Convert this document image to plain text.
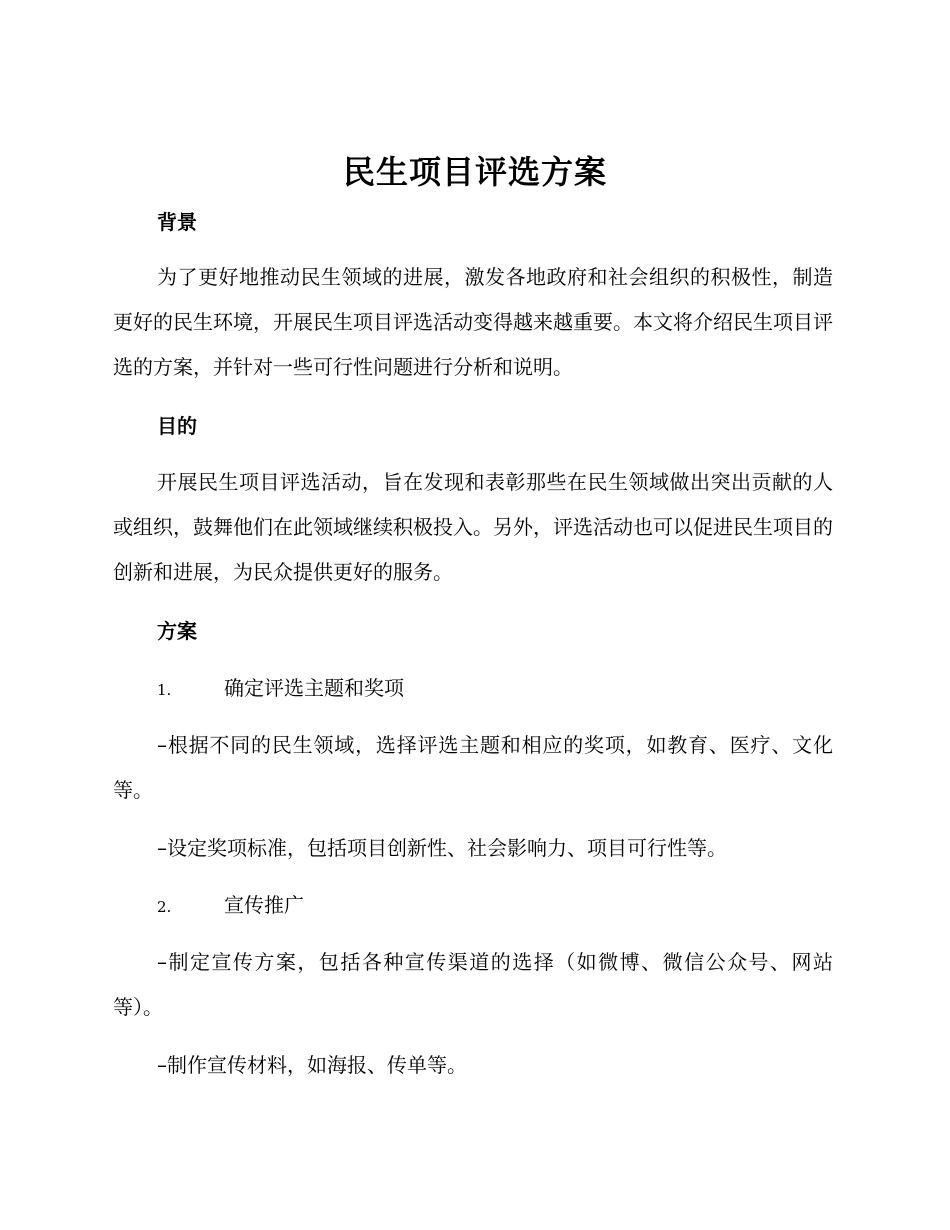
民生项目评选方案
背景
为了更好地推动民生领域的进展，激发各地政府和社会组织的积极性，制造更好的民生环境，开展民生项目评选活动变得越来越重要。本文将介绍民生项目评选的方案，并针对一些可行性问题进行分析和说明。
目的
开展民生项目评选活动，旨在发现和表彰那些在民生领域做出突出贡献的人或组织，鼓舞他们在此领域继续积极投入。另外，评选活动也可以促进民生项目的创新和进展，为民众提供更好的服务。
方案
1.	确定评选主题和奖项
–根据不同的民生领域，选择评选主题和相应的奖项，如教育、医疗、文化等。
–设定奖项标准，包括项目创新性、社会影响力、项目可行性等。
2.	宣传推广
–制定宣传方案，包括各种宣传渠道的选择（如微博、微信公众号、网站等）。
–制作宣传材料，如海报、传单等。
